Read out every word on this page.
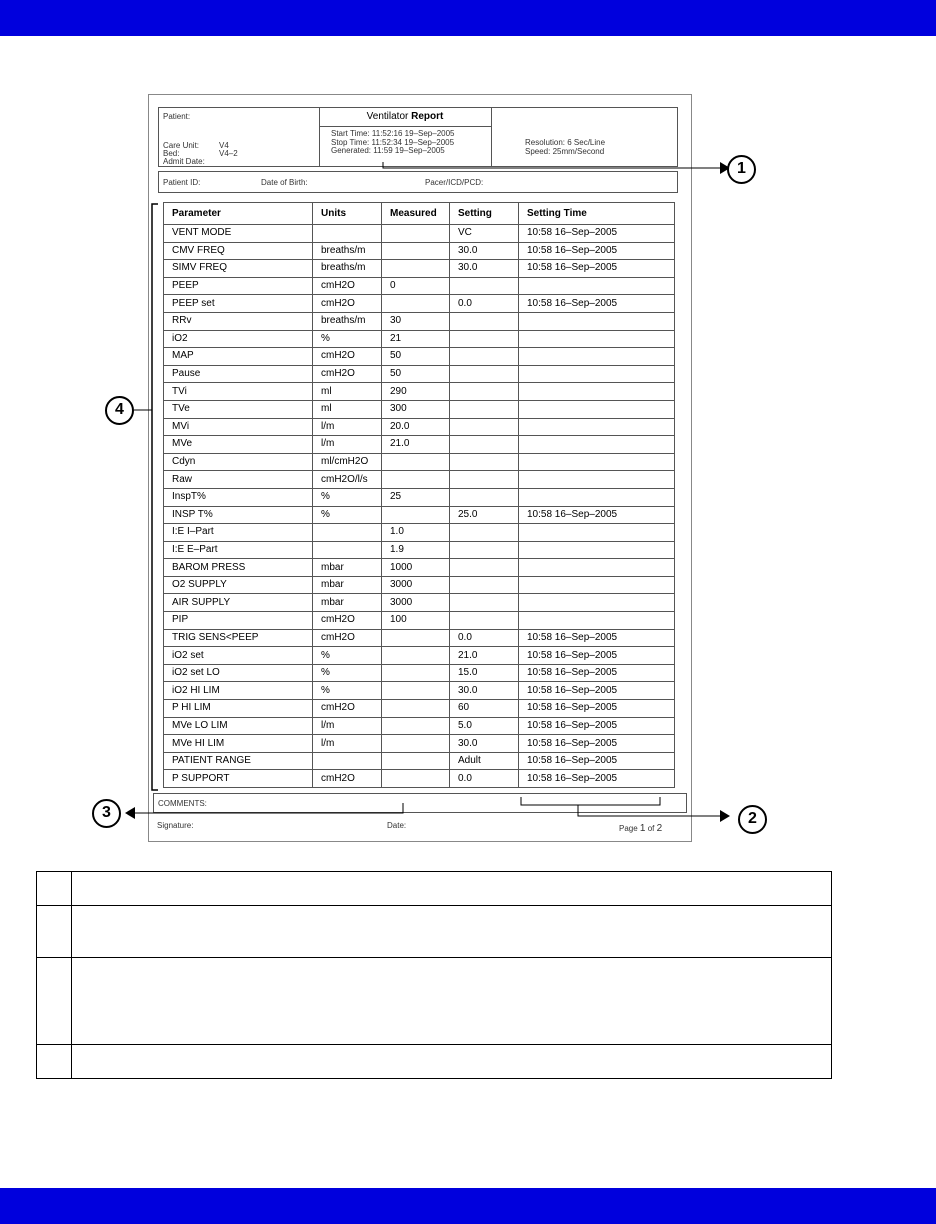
Patient:
Care Unit: V4
Bed:	V4–2
Admit Date:
Ventilator Report
Start Time: 11:52:16 19–Sep–2005
Stop Time: 11:52:34 19–Sep–2005
Generated: 11:59 19–Sep–2005
Resolution: 6 Sec/Line
Speed: 25mm/Second
Patient ID:	Date of Birth:	Pacer/ICD/PCD:
Parameter	Units	Measured	Setting	Setting Time
VENT MODE			VC	10:58 16–Sep–2005
CMV FREQ	breaths/m		30.0	10:58 16–Sep–2005
SIMV FREQ	breaths/m		30.0	10:58 16–Sep–2005
PEEP	cmH2O	0		
PEEP set	cmH2O		0.0	10:58 16–Sep–2005
RRv	breaths/m	30		
iO2	%	21		
MAP	cmH2O	50		
Pause	cmH2O	50		
TVi	ml	290		
TVe	ml	300		
MVi	l/m	20.0		
MVe	l/m	21.0		
Cdyn	ml/cmH2O			
Raw	cmH2O/l/s			
InspT%	%	25		
INSP T%	%		25.0	10:58 16–Sep–2005
I:E I–Part		1.0		
I:E E–Part		1.9		
BAROM PRESS	mbar	1000		
O2 SUPPLY	mbar	3000		
AIR SUPPLY	mbar	3000		
PIP	cmH2O	100		
TRIG SENS<PEEP	cmH2O		0.0	10:58 16–Sep–2005
iO2 set	%		21.0	10:58 16–Sep–2005
iO2 set LO	%		15.0	10:58 16–Sep–2005
iO2 HI LIM	%		30.0	10:58 16–Sep–2005
P HI LIM	cmH2O		60	10:58 16–Sep–2005
MVe LO LIM	l/m		5.0	10:58 16–Sep–2005
MVe HI LIM	l/m		30.0	10:58 16–Sep–2005
PATIENT RANGE			Adult	10:58 16–Sep–2005
P SUPPORT	cmH2O		0.0	10:58 16–Sep–2005
COMMENTS:
Signature:	Date:	Page 1 of 2
1
2
3
4
